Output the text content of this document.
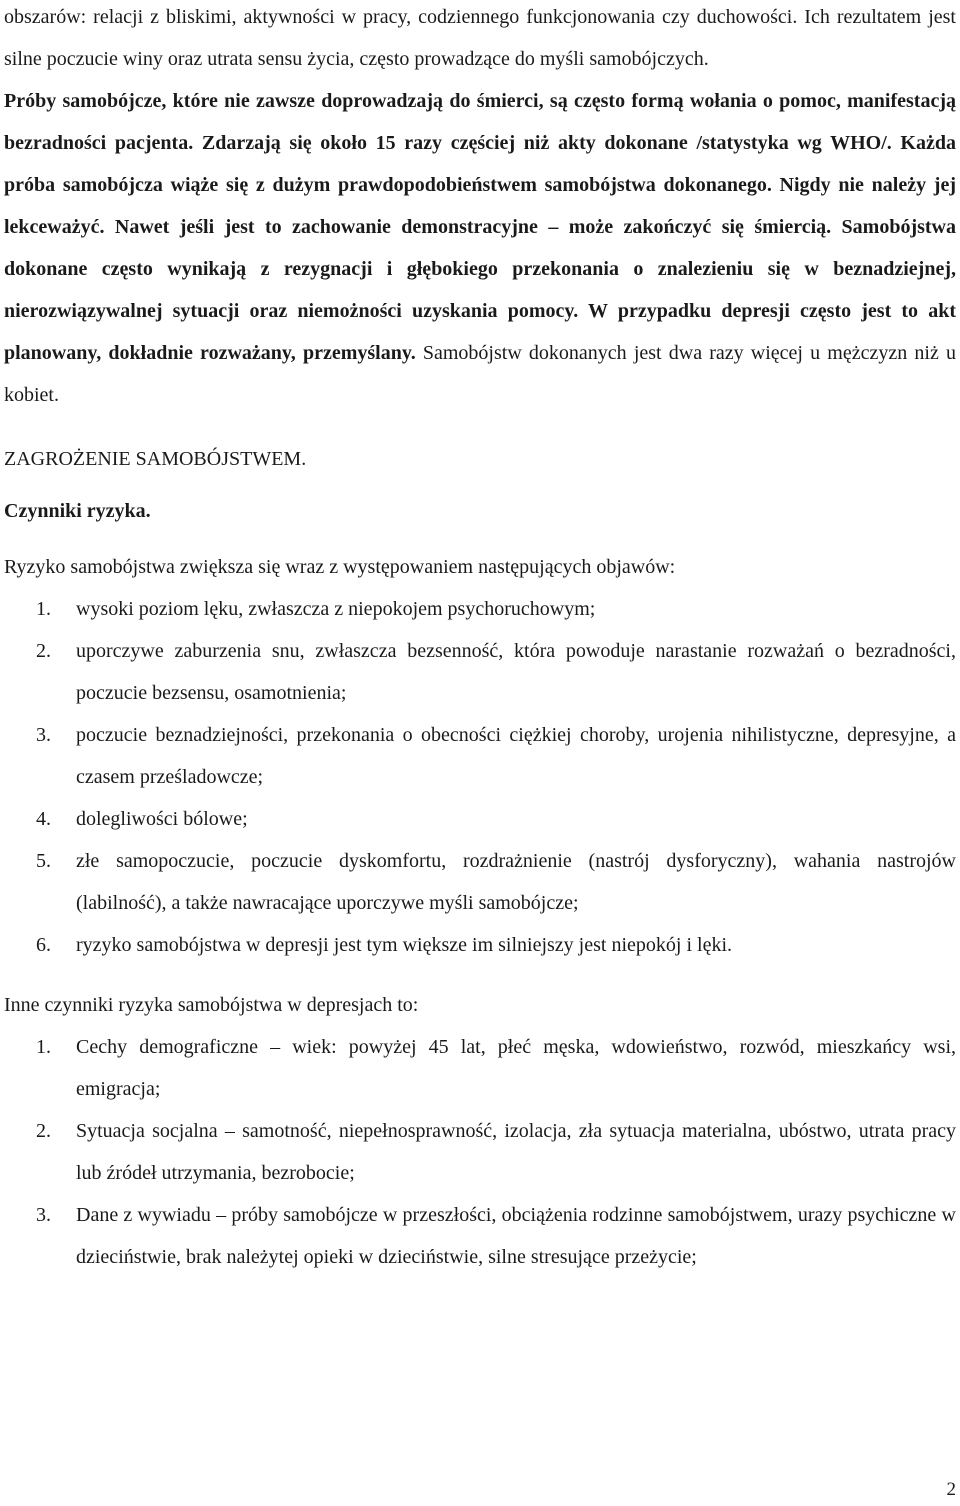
obszarów: relacji z bliskimi, aktywności w pracy, codziennego funkcjonowania czy duchowości. Ich rezultatem jest silne poczucie winy oraz utrata sensu życia, często prowadzące do myśli samobójczych.

Próby samobójcze, które nie zawsze doprowadzają do śmierci, są często formą wołania o pomoc, manifestacją bezradności pacjenta. Zdarzają się około 15 razy częściej niż akty dokonane /statystyka wg WHO/. Każda próba samobójcza wiąże się z dużym prawdopodobieństwem samobójstwa dokonanego. Nigdy nie należy jej lekceważyć. Nawet jeśli jest to zachowanie demonstracyjne – może zakończyć się śmiercią. Samobójstwa dokonane często wynikają z rezygnacji i głębokiego przekonania o znalezieniu się w beznadziejnej, nierozwiązywalnej sytuacji oraz niemożności uzyskania pomocy. W przypadku depresji często jest to akt planowany, dokładnie rozważany, przemyślany. Samobójstw dokonanych jest dwa razy więcej u mężczyzn niż u kobiet.

ZAGROŻENIE SAMOBÓJSTWEM.

Czynniki ryzyka.

Ryzyko samobójstwa zwiększa się wraz z występowaniem następujących objawów:

1. wysoki poziom lęku, zwłaszcza z niepokojem psychoruchowym;
2. uporczywe zaburzenia snu, zwłaszcza bezsenność, która powoduje narastanie rozważań o bezradności, poczucie bezsensu, osamotnienia;
3. poczucie beznadziejności, przekonania o obecności ciężkiej choroby, urojenia nihilistyczne, depresyjne, a czasem prześladowcze;
4. dolegliwości bólowe;
5. złe samopoczucie, poczucie dyskomfortu, rozdrażnienie (nastrój dysforyczny), wahania nastrojów (labilność), a także nawracające uporczywe myśli samobójcze;
6. ryzyko samobójstwa w depresji jest tym większe im silniejszy jest niepokój i lęki.

Inne czynniki ryzyka samobójstwa w depresjach to:

1. Cechy demograficzne – wiek: powyżej 45 lat, płeć męska, wdowieństwo, rozwód, mieszkańcy wsi, emigracja;
2. Sytuacja socjalna – samotność, niepełnosprawność, izolacja, zła sytuacja materialna, ubóstwo, utrata pracy lub źródeł utrzymania, bezrobocie;
3. Dane z wywiadu – próby samobójcze w przeszłości, obciążenia rodzinne samobójstwem, urazy psychiczne w dzieciństwie, brak należytej opieki w dzieciństwie, silne stresujące przeżycie;
2
